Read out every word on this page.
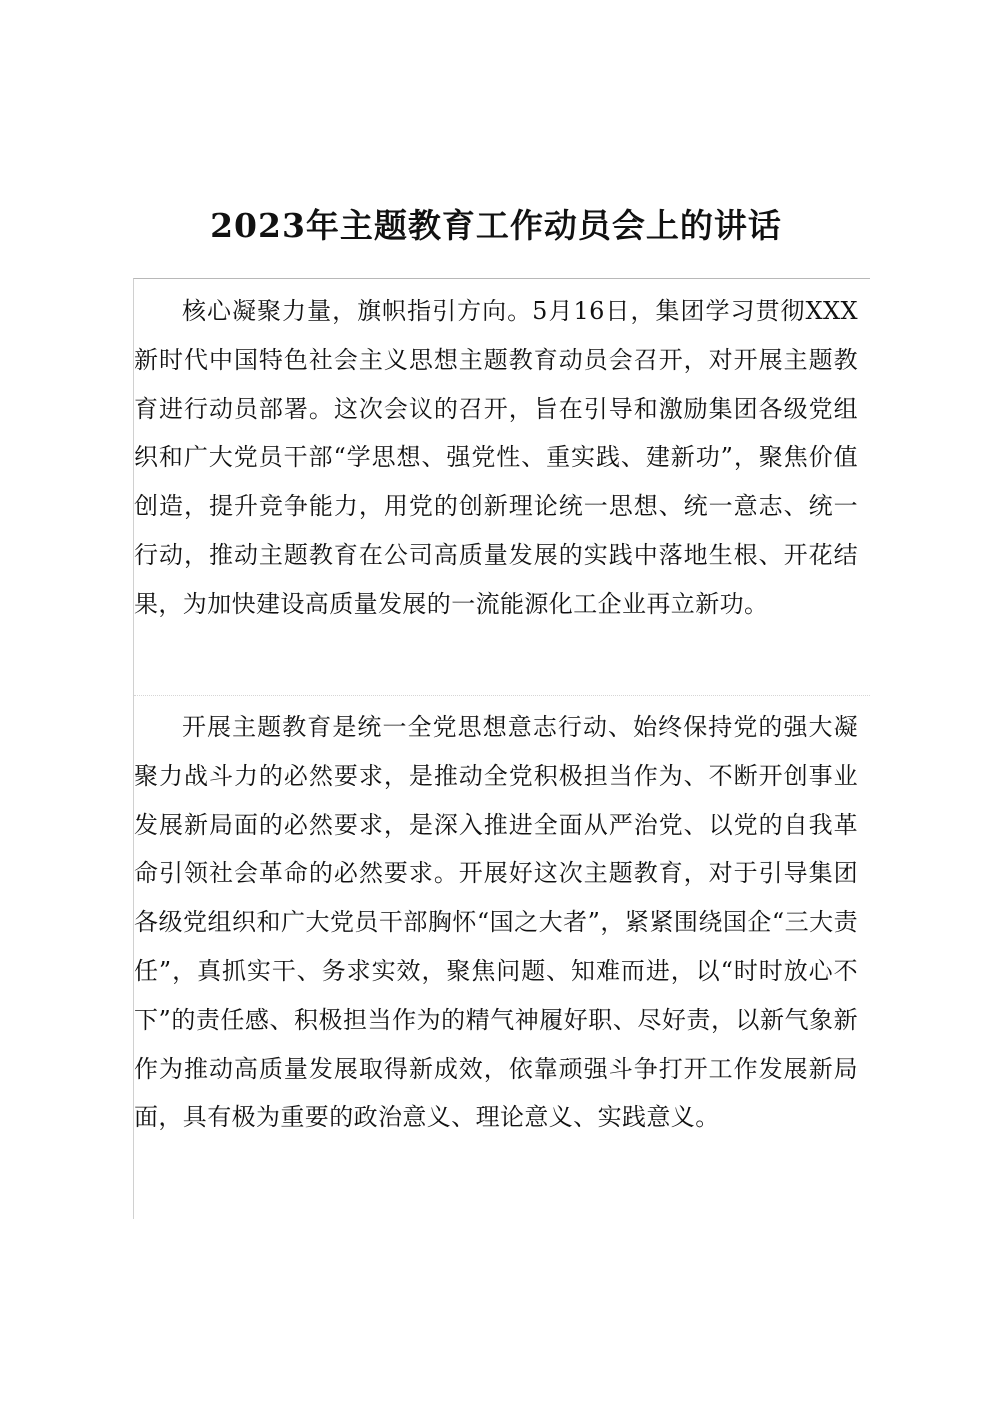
2023年主题教育工作动员会上的讲话

核心凝聚力量，旗帜指引方向。5月16日，集团学习贯彻XXX新时代中国特色社会主义思想主题教育动员会召开，对开展主题教育进行动员部署。这次会议的召开，旨在引导和激励集团各级党组织和广大党员干部“学思想、强党性、重实践、建新功”，聚焦价值创造，提升竞争能力，用党的创新理论统一思想、统一意志、统一行动，推动主题教育在公司高质量发展的实践中落地生根、开花结果，为加快建设高质量发展的一流能源化工企业再立新功。

开展主题教育是统一全党思想意志行动、始终保持党的强大凝聚力战斗力的必然要求，是推动全党积极担当作为、不断开创事业发展新局面的必然要求，是深入推进全面从严治党、以党的自我革命引领社会革命的必然要求。开展好这次主题教育，对于引导集团各级党组织和广大党员干部胸怀“国之大者”，紧紧围绕国企“三大责任”，真抓实干、务求实效，聚焦问题、知难而进，以“时时放心不下”的责任感、积极担当作为的精气神履好职、尽好责，以新气象新作为推动高质量发展取得新成效，依靠顽强斗争打开工作发展新局面，具有极为重要的政治意义、理论意义、实践意义。
